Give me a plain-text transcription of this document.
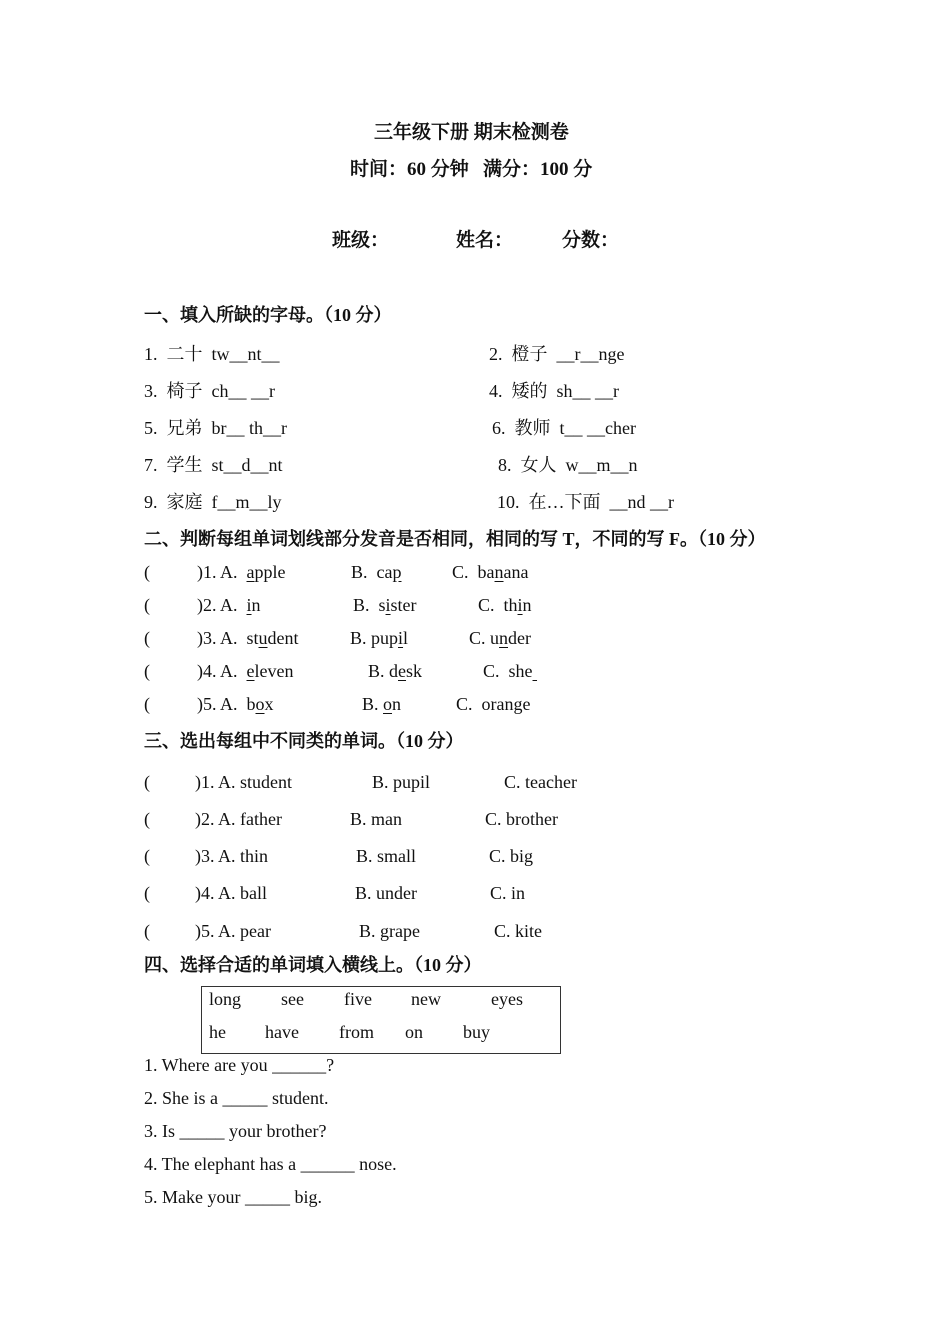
三年级下册 期末检测卷
时间：60 分钟   满分：100 分
班级：	姓名：	分数：
一、填入所缺的字母。（10 分）
1. 二十 tw__nt__	2. 橙子 __r__nge
3. 椅子 ch__ __r	4. 矮的 sh__ __r
5. 兄弟 br__ th__r	6. 教师 t__ __cher
7. 学生 st__d__nt	8. 女人 w__m__n
9. 家庭 f__m__ly	10. 在…下面 __nd __r
二、判断每组单词划线部分发音是否相同，相同的写 T，不同的写 F。（10 分）
(	)1. A. apple	B. cap	C. banana
(	)2. A. in	B. sister	C. thin
(	)3. A. student	B. pupil	C. under
(	)4. A. eleven	B. desk	C. she
(	)5. A. box	B. on	C. orange
三、选出每组中不同类的单词。（10 分）
(	)1. A. student	B. pupil	C. teacher
(	)2. A. father	B. man	C. brother
(	)3. A. thin	B. small	C. big
(	)4. A. ball	B. under	C. in
(	)5. A. pear	B. grape	C. kite
四、选择合适的单词填入横线上。（10 分）
long see five new	eyes
he have from on buy
1. Where are you ______?
2. She is a _____ student.
3. Is _____ your brother?
4. The elephant has a ______ nose.
5. Make your _____ big.
